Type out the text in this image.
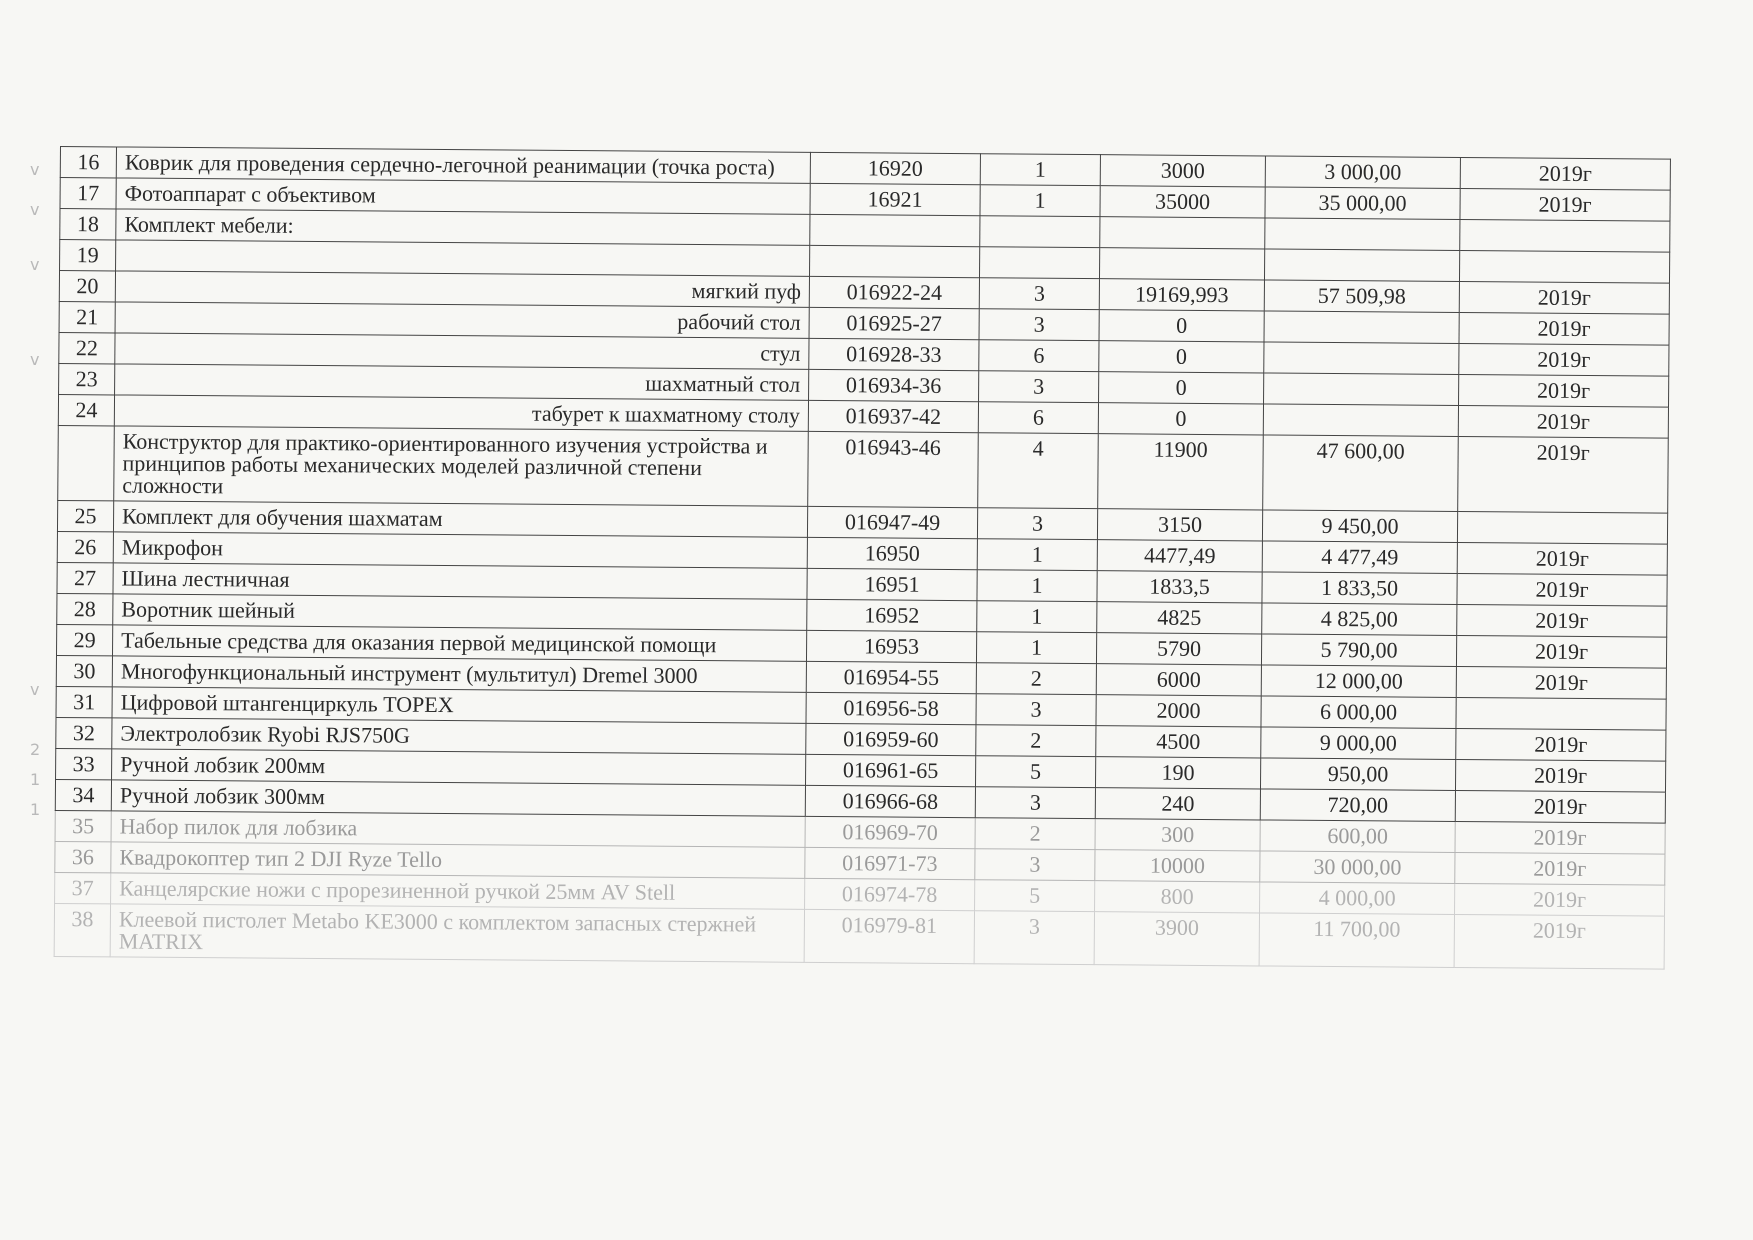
v
v
v
v
v
2
1
1
16	Коврик для проведения сердечно-легочной реанимации (точка роста)	16920	1	3000	3 000,00	2019г
17	Фотоаппарат с объективом	16921	1	35000	35 000,00	2019г
18	Комплект мебели:					
19						
20	мягкий пуф	016922-24	3	19169,993	57 509,98	2019г
21	рабочий стол	016925-27	3	0		2019г
22	стул	016928-33	6	0		2019г
23	шахматный стол	016934-36	3	0		2019г
24	табурет к шахматному столу	016937-42	6	0		2019г
	Конструктор для практико-ориентированного изучения устройства и принципов работы механических моделей различной степени сложности	016943-46	4	11900	47 600,00	2019г
25	Комплект для обучения шахматам	016947-49	3	3150	9 450,00	
26	Микрофон	16950	1	4477,49	4 477,49	2019г
27	Шина лестничная	16951	1	1833,5	1 833,50	2019г
28	Воротник шейный	16952	1	4825	4 825,00	2019г
29	Табельные средства для оказания первой медицинской помощи	16953	1	5790	5 790,00	2019г
30	Многофункциональный инструмент (мультитул) Dremel 3000	016954-55	2	6000	12 000,00	2019г
31	Цифровой штангенциркуль TOPEX	016956-58	3	2000	6 000,00	
32	Электролобзик Ryobi RJS750G	016959-60	2	4500	9 000,00	2019г
33	Ручной лобзик 200мм	016961-65	5	190	950,00	2019г
34	Ручной лобзик 300мм	016966-68	3	240	720,00	2019г
35	Набор пилок для лобзика	016969-70	2	300	600,00	2019г
36	Квадрокоптер тип 2 DJI Ryze Tello	016971-73	3	10000	30 000,00	2019г
37	Канцелярские ножи с прорезиненной ручкой 25мм AV Stell	016974-78	5	800	4 000,00	2019г
38	Клеевой пистолет Metabo KE3000 с комплектом запасных стержней MATRIX	016979-81	3	3900	11 700,00	2019г
